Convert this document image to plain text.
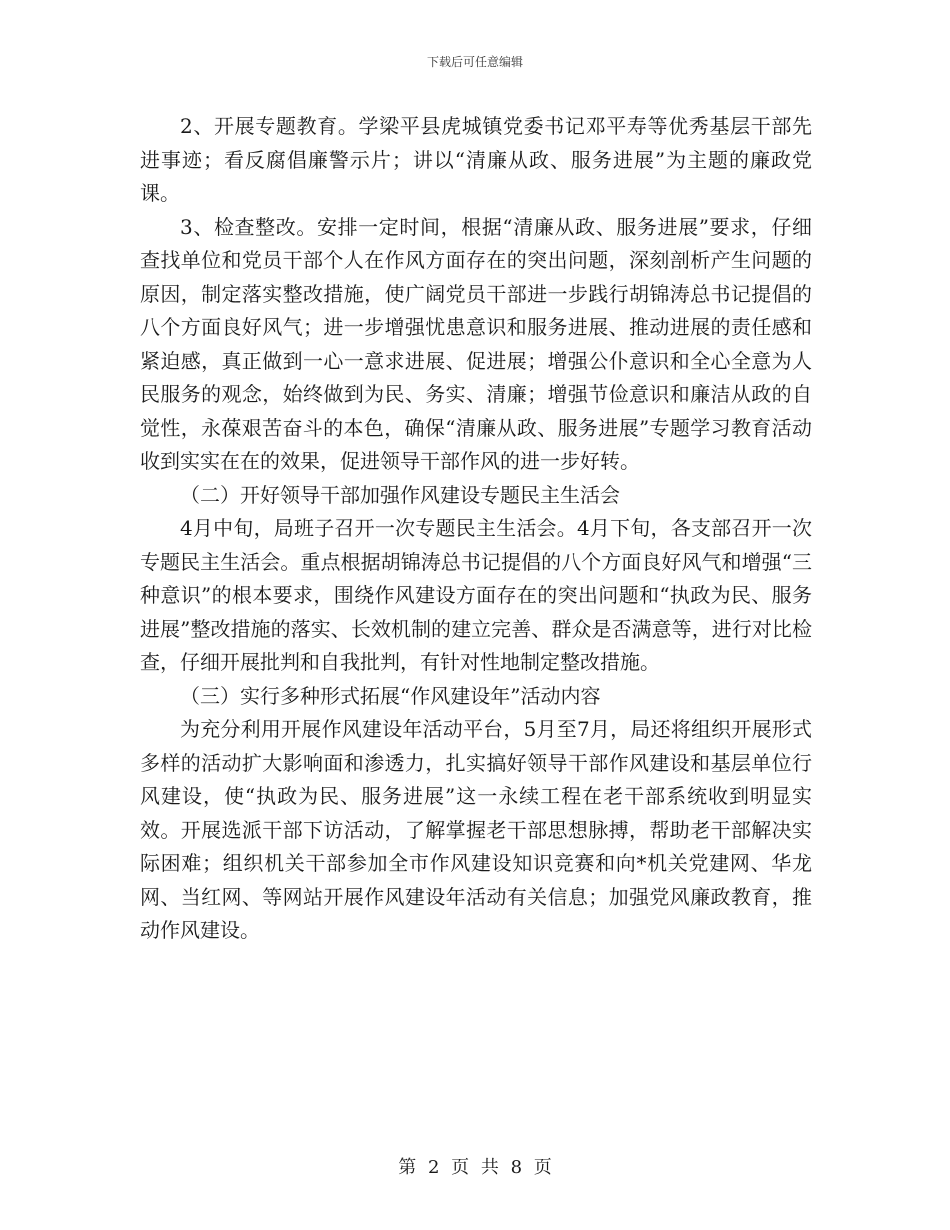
下载后可任意编辑

2、开展专题教育。学梁平县虎城镇党委书记邓平寿等优秀基层干部先进事迹；看反腐倡廉警示片；讲以“清廉从政、服务进展”为主题的廉政党课。

3、检查整改。安排一定时间，根据“清廉从政、服务进展”要求，仔细查找单位和党员干部个人在作风方面存在的突出问题，深刻剖析产生问题的原因，制定落实整改措施，使广阔党员干部进一步践行胡锦涛总书记提倡的八个方面良好风气；进一步增强忧患意识和服务进展、推动进展的责任感和紧迫感，真正做到一心一意求进展、促进展；增强公仆意识和全心全意为人民服务的观念，始终做到为民、务实、清廉；增强节俭意识和廉洁从政的自觉性，永葆艰苦奋斗的本色，确保“清廉从政、服务进展”专题学习教育活动收到实实在在的效果，促进领导干部作风的进一步好转。

（二）开好领导干部加强作风建设专题民主生活会

4月中旬，局班子召开一次专题民主生活会。4月下旬，各支部召开一次专题民主生活会。重点根据胡锦涛总书记提倡的八个方面良好风气和增强“三种意识”的根本要求，围绕作风建设方面存在的突出问题和“执政为民、服务进展”整改措施的落实、长效机制的建立完善、群众是否满意等，进行对比检查，仔细开展批判和自我批判，有针对性地制定整改措施。

（三）实行多种形式拓展“作风建设年”活动内容

为充分利用开展作风建设年活动平台，5月至7月，局还将组织开展形式多样的活动扩大影响面和渗透力，扎实搞好领导干部作风建设和基层单位行风建设，使“执政为民、服务进展”这一永续工程在老干部系统收到明显实效。开展选派干部下访活动，了解掌握老干部思想脉搏，帮助老干部解决实际困难；组织机关干部参加全市作风建设知识竞赛和向*机关党建网、华龙网、当红网、等网站开展作风建设年活动有关信息；加强党风廉政教育，推动作风建设。

第 2 页 共 8 页
